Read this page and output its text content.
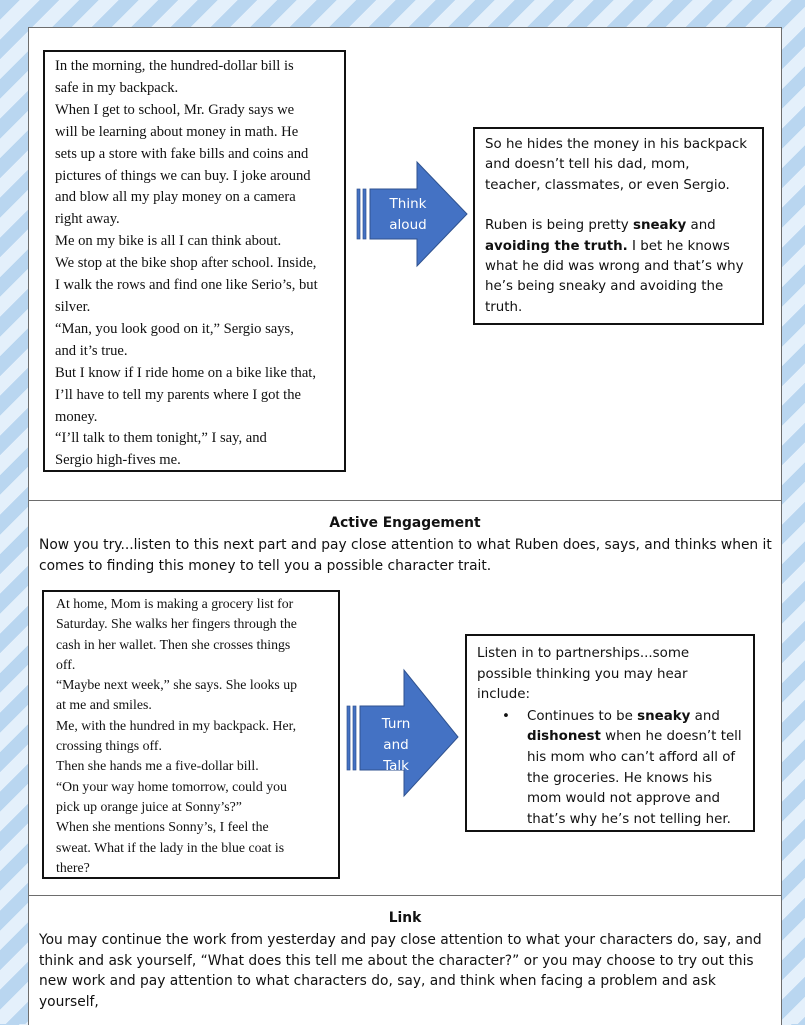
In the morning, the hundred-dollar bill is

safe in my backpack.

When I get to school, Mr. Grady says we

will be learning about money in math. He

sets up a store with fake bills and coins and

pictures of things we can buy. I joke around

and blow all my play money on a camera

right away.

Me on my bike is all I can think about.

We stop at the bike shop after school. Inside,

I walk the rows and find one like Serio’s, but

silver.

“Man, you look good on it,” Sergio says,

and it’s true.

But I know if I ride home on a bike like that,

I’ll have to tell my parents where I got the

money.

“I’ll talk to them tonight,” I say, and

Sergio high-fives me.

Think
aloud

So he hides the money in his backpack

and doesn’t tell his dad, mom,

teacher, classmates, or even Sergio.

Ruben is being pretty sneaky and

avoiding the truth. I bet he knows

what he did was wrong and that’s why

he’s being sneaky and avoiding the

truth.

Active Engagement
Now you try...listen to this next part and pay close attention to what Ruben does, says, and thinks when it
comes to finding this money to tell you a possible character trait.

At home, Mom is making a grocery list for

Saturday. She walks her fingers through the

cash in her wallet. Then she crosses things

off.

“Maybe next week,” she says. She looks up

at me and smiles.

Me, with the hundred in my backpack. Her,

crossing things off.

Then she hands me a five-dollar bill.

“On your way home tomorrow, could you

pick up orange juice at Sonny’s?”

When she mentions Sonny’s, I feel the

sweat. What if the lady in the blue coat is

there?

Turn
and
Talk

Listen in to partnerships...some

possible thinking you may hear

include:

• Continues to be sneaky and

dishonest when he doesn’t tell

his mom who can’t afford all of

the groceries. He knows his

mom would not approve and

that’s why he’s not telling her.

Link
You may continue the work from yesterday and pay close attention to what your characters do, say, and
think and ask yourself, “What does this tell me about the character?” or you may choose to try out this
new work and pay attention to what characters do, say, and think when facing a problem and ask yourself,
